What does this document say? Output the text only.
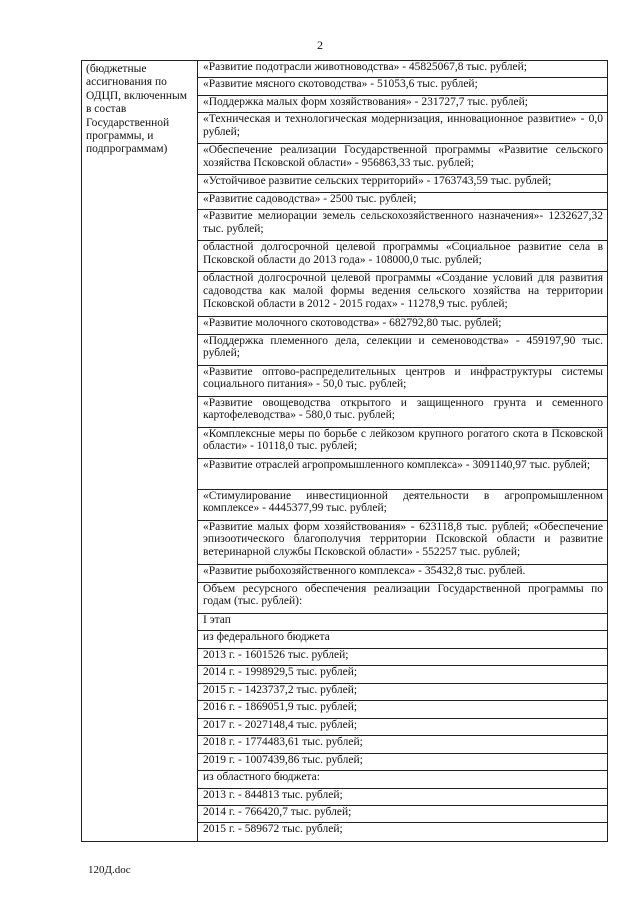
2
(бюджетные ассигнования по ОДЦП, включенным в состав Государственной программы, и подпрограммам)
«Развитие подотрасли животноводства» - 45825067,8 тыс. рублей;
«Развитие мясного скотоводства» - 51053,6 тыс. рублей;
«Поддержка малых форм хозяйствования» - 231727,7 тыс. рублей;
«Техническая и технологическая модернизация, инновационное развитие» - 0,0 рублей;
«Обеспечение реализации Государственной программы «Развитие сельского хозяйства Псковской области» - 956863,33 тыс. рублей;
«Устойчивое развитие сельских территорий» - 1763743,59 тыс. рублей;
«Развитие садоводства» - 2500 тыс. рублей;
«Развитие мелиорации земель сельскохозяйственного назначения»- 1232627,32 тыс. рублей;
областной долгосрочной целевой программы «Социальное развитие села в Псковской области до 2013 года» - 108000,0 тыс. рублей;
областной долгосрочной целевой программы «Создание условий для развития садоводства как малой формы ведения сельского хозяйства на территории Псковской области в 2012 - 2015 годах» - 11278,9 тыс. рублей;
«Развитие молочного скотоводства» - 682792,80 тыс. рублей;
«Поддержка племенного дела, селекции и семеноводства» - 459197,90 тыс. рублей;
«Развитие оптово-распределительных центров и инфраструктуры системы социального питания» - 50,0 тыс. рублей;
«Развитие овощеводства открытого и защищенного грунта и семенного картофелеводства» - 580,0 тыс. рублей;
«Комплексные меры по борьбе с лейкозом крупного рогатого скота в Псковской области» - 10118,0 тыс. рублей;
«Развитие отраслей агропромышленного комплекса» - 3091140,97 тыс. рублей;
«Стимулирование инвестиционной деятельности в агропромышленном комплексе» - 4445377,99 тыс. рублей;
«Развитие малых форм хозяйствования» - 623118,8 тыс. рублей; «Обеспечение эпизоотического благополучия территории Псковской области и развитие ветеринарной службы Псковской области» - 552257 тыс. рублей;
«Развитие рыбохозяйственного комплекса» - 35432,8 тыс. рублей.
Объем ресурсного обеспечения реализации Государственной программы по годам (тыс. рублей):
I этап
из федерального бюджета
2013 г. - 1601526 тыс. рублей;
2014 г. - 1998929,5 тыс. рублей;
2015 г. - 1423737,2 тыс. рублей;
2016 г. - 1869051,9 тыс. рублей;
2017 г. - 2027148,4 тыс. рублей;
2018 г. - 1774483,61 тыс. рублей;
2019 г. - 1007439,86 тыс. рублей;
из областного бюджета:
2013 г. - 844813 тыс. рублей;
2014 г. - 766420,7 тыс. рублей;
2015 г. - 589672 тыс. рублей;
120Д.doc
